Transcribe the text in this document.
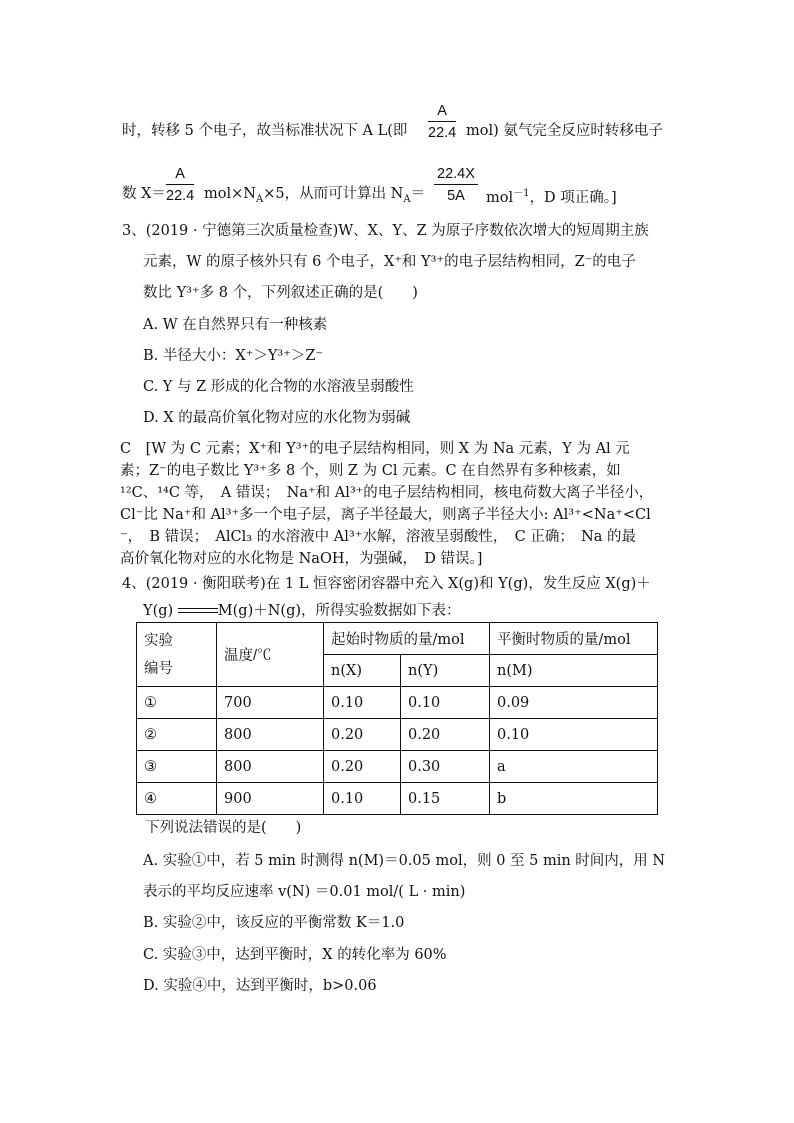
时，转移 5 个电子，故当标准状况下 A L(即 $\frac{A}{22.4} mol$) 氨气完全反应时转移电子
数 $X= \frac{A}{22.4} mol\times N_A\times 5$，从而可计算出 $N_A= \frac{22.4X}{5A} mol^{-1}$，D 项正确。]
3、(2019 · 宁德第三次质量检查)W、X、Y、Z 为原子序数依次增大的短周期主族
元素，W 的原子核外只有 6 个电子，X⁺和 Y³⁺的电子层结构相同，Z⁻的电子
数比 Y³⁺多 8 个，下列叙述正确的是(　　)
A. W 在自然界只有一种核素
B. 半径大小：X⁺＞Y³⁺＞Z⁻
C. Y 与 Z 形成的化合物的水溶液呈弱酸性
D. X 的最高价氧化物对应的水化物为弱碱
C　[W 为 C 元素；X⁺和 Y³⁺的电子层结构相同，则 X 为 Na 元素，Y 为 Al 元
素；Z⁻的电子数比 Y³⁺多 8 个，则 Z 为 Cl 元素。C 在自然界有多种核素，如
¹²C、¹⁴C 等，　A 错误；　Na⁺和 Al³⁺的电子层结构相同，核电荷数大离子半径小，
Cl⁻比 Na⁺和 Al³⁺多一个电子层，离子半径最大，则离子半径大小: Al³⁺<Na⁺<Cl
⁻，　B 错误；　AlCl₃ 的水溶液中 Al³⁺水解，溶液呈弱酸性，　C 正确；　Na 的最
高价氧化物对应的水化物是 NaOH，为强碱，　D 错误。]
4、(2019 · 衡阳联考)在 1 L 恒容密闭容器中充入 X(g)和 Y(g)，发生反应 X(g)＋
Y(g)	M(g)＋N(g)，所得实验数据如下表：
实验
编号	温度/℃	起始时物质的量/mol		平衡时物质的量/mol
		n(X)	n(Y)	n(M)
①	700	0.10	0.10	0.09
②	800	0.20	0.20	0.10
③	800	0.20	0.30	a
④	900	0.10	0.15	b
下列说法错误的是(　　)
A. 实验①中，若 5 min 时测得 n(M)＝0.05 mol，则 0 至 5 min 时间内，用 N
表示的平均反应速率 v(N) ＝0.01 mol/( L · min)
B. 实验②中，该反应的平衡常数 K＝1.0
C. 实验③中，达到平衡时，X 的转化率为 60%
D. 实验④中，达到平衡时，b>0.06
